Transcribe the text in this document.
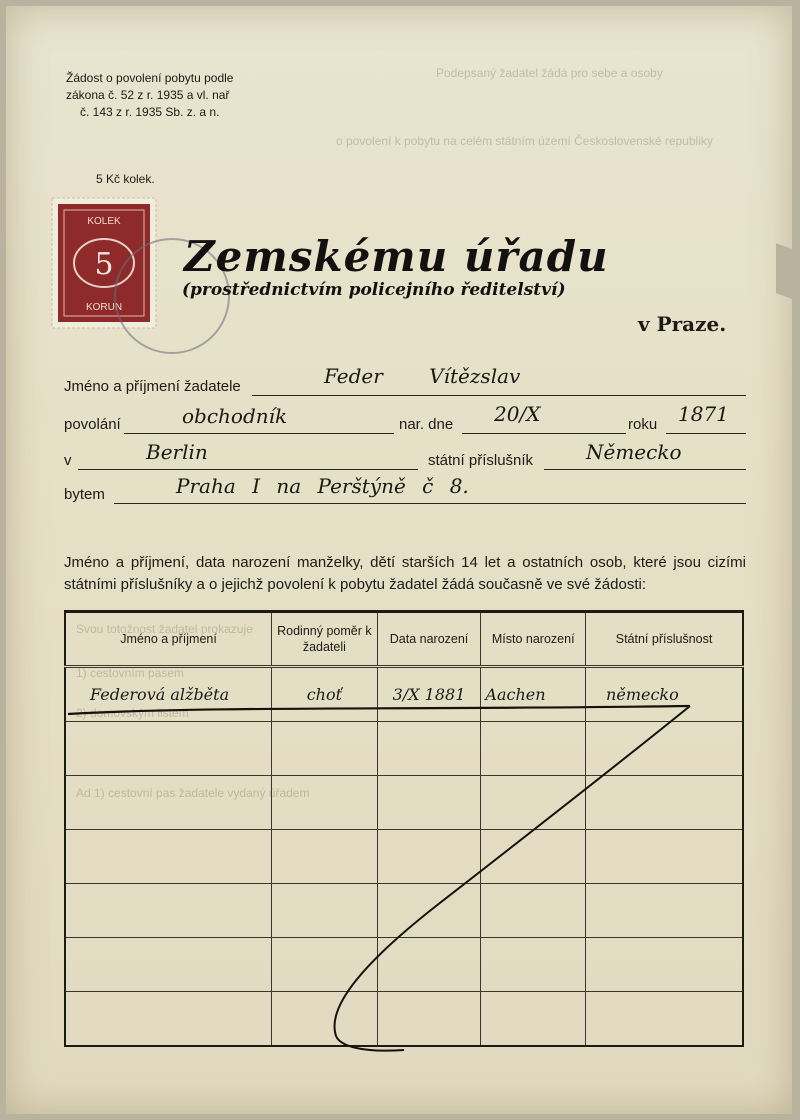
Podepsaný žadatel žádá pro sebe a osoby
o povolení k pobytu na celém státním území Československé republiky
Svou totožnost žadatel prokazuje
1) cestovním pasem
2) domovským listem
Ad 1) cestovní pas žadatele vydaný úřadem
Žádost o povolení pobytu podle
zákona č. 52 z r. 1935 a vl. nař
č. 143 z r. 1935 Sb. z. a n.
5 Kč kolek.
KOLEK
5
KORUN
Zemskému úřadu
(prostřednictvím policejního ředitelství)
v Praze.
Jméno a příjmení žadatele	Feder Vítězslav
povolání	obchodník	nar. dne 20/X	roku 1871
v	Berlin	státní příslušník	Německo
bytem	Praha I na Perštýně č 8.
Jméno a příjmení, data narození manželky, dětí starších 14 let a ostatních osob, které jsou cizími státními příslušníky a o jejichž povolení k pobytu žadatel žádá současně ve své žádosti:
Jméno a příjmení	Rodinný poměr k žadateli	Data narození	Místo narození	Státní příslušnost
Federová alžběta	choť	3/X 1881	Aachen	německo
